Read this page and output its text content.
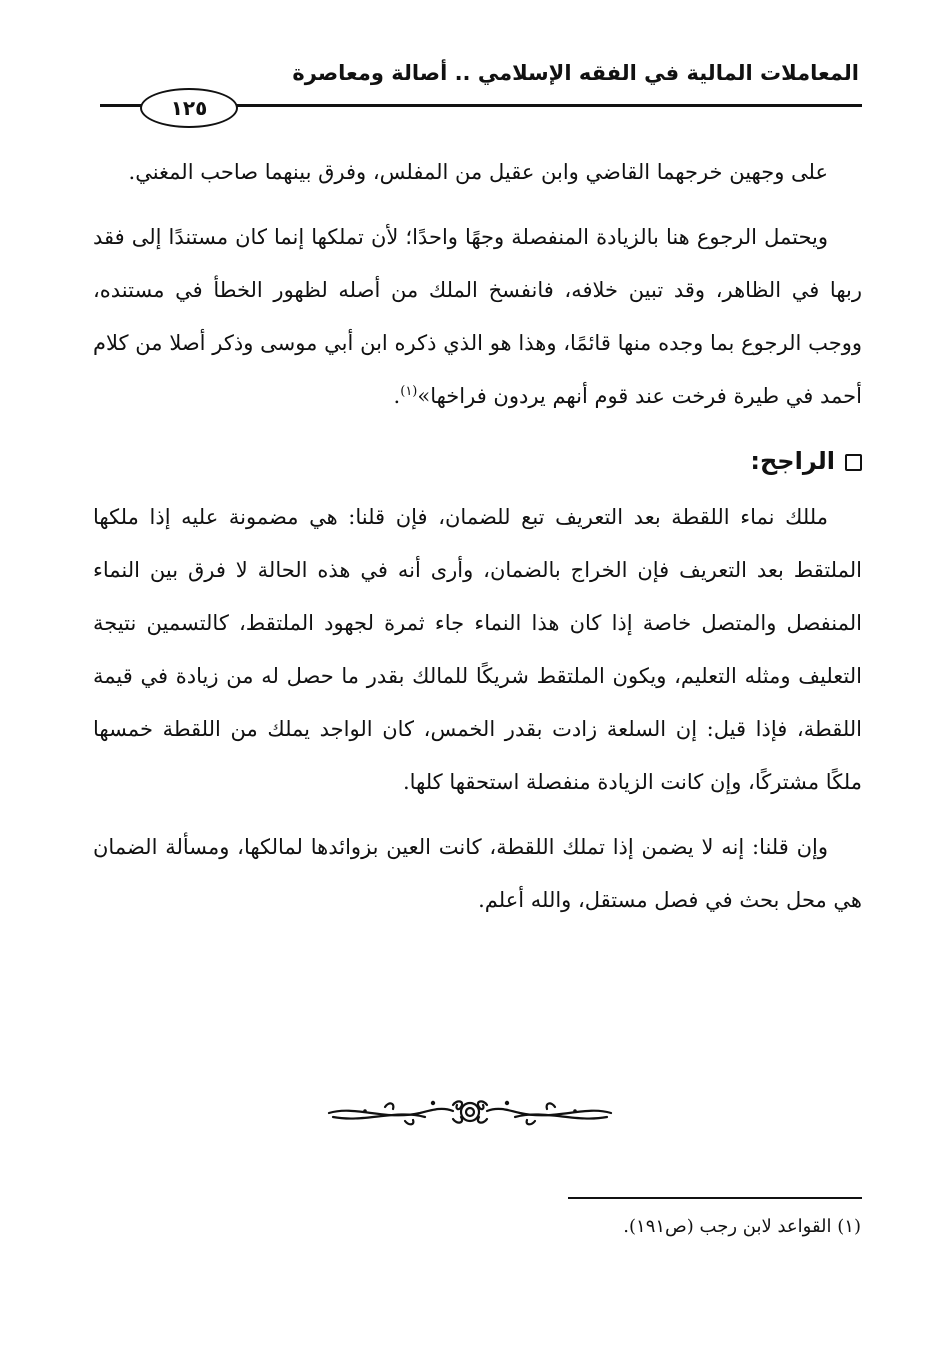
المعاملات المالية في الفقه الإسلامي .. أصالة ومعاصرة
١٢٥

على وجهين خرجهما القاضي وابن عقيل من المفلس، وفرق بينهما صاحب المغني.

ويحتمل الرجوع هنا بالزيادة المنفصلة وجهًا واحدًا؛ لأن تملكها إنما كان مستندًا إلى فقد ربها في الظاهر، وقد تبين خلافه، فانفسخ الملك من أصله لظهور الخطأ في مستنده، ووجب الرجوع بما وجده منها قائمًا، وهذا هو الذي ذكره ابن أبي موسى وذكر أصلا من كلام أحمد في طيرة فرخت عند قوم أنهم يردون فراخها»$^{(١)}$.

الراجح:

مللك نماء اللقطة بعد التعريف تبع للضمان، فإن قلنا: هي مضمونة عليه إذا ملكها الملتقط بعد التعريف فإن الخراج بالضمان، وأرى أنه في هذه الحالة لا فرق بين النماء المنفصل والمتصل خاصة إذا كان هذا النماء جاء ثمرة لجهود الملتقط، كالتسمين نتيجة التعليف ومثله التعليم، ويكون الملتقط شريكًا للمالك بقدر ما حصل له من زيادة في قيمة اللقطة، فإذا قيل: إن السلعة زادت بقدر الخمس، كان الواجد يملك من اللقطة خمسها ملكًا مشتركًا، وإن كانت الزيادة منفصلة استحقها كلها.

وإن قلنا: إنه لا يضمن إذا تملك اللقطة، كانت العين بزوائدها لمالكها، ومسألة الضمان هي محل بحث في فصل مستقل، والله أعلم.

(١) القواعد لابن رجب (ص١٩١).
